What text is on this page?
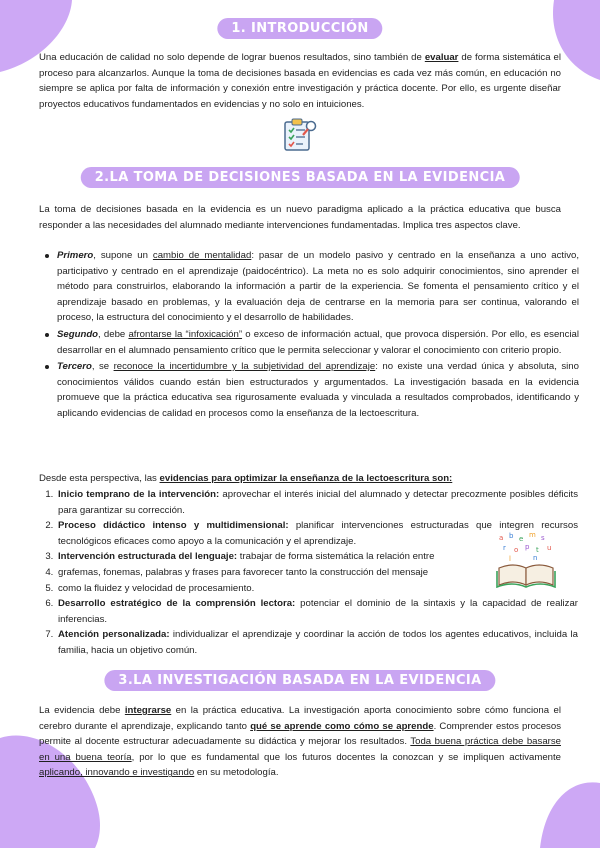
1. INTRODUCCIÓN

Una educación de calidad no solo depende de lograr buenos resultados, sino también de evaluar de forma sistemática el proceso para alcanzarlos. Aunque la toma de decisiones basada en evidencias es cada vez más común, en educación no siempre se aplica por falta de información y conexión entre investigación y práctica docente. Por ello, es urgente diseñar proyectos educativos fundamentados en evidencias y no solo en intuiciones.

2.LA TOMA DE DECISIONES BASADA EN LA EVIDENCIA

La toma de decisiones basada en la evidencia es un nuevo paradigma aplicado a la práctica educativa que busca responder a las necesidades del alumnado mediante intervenciones fundamentadas. Implica tres aspectos clave.

Primero, supone un cambio de mentalidad: pasar de un modelo pasivo y centrado en la enseñanza a uno activo, participativo y centrado en el aprendizaje (paidocéntrico). La meta no es solo adquirir conocimientos, sino aprender el método para construirlos, elaborando la información a partir de la experiencia. Se fomenta el pensamiento crítico y el aprendizaje basado en problemas, y la evaluación deja de centrarse en la memoria para ser continua, valorando el proceso, la estructura del conocimiento y el desarrollo de habilidades.
Segundo, debe afrontarse la “infoxicación” o exceso de información actual, que provoca dispersión. Por ello, es esencial desarrollar en el alumnado pensamiento crítico que le permita seleccionar y valorar el conocimiento con criterio propio.
Tercero, se reconoce la incertidumbre y la subjetividad del aprendizaje: no existe una verdad única y absoluta, sino conocimientos válidos cuando están bien estructurados y argumentados. La investigación basada en la evidencia promueve que la práctica educativa sea rigurosamente evaluada y vinculada a resultados comprobados, identificando y aplicando evidencias de calidad en procesos como la enseñanza de la lectoescritura.

Desde esta perspectiva, las evidencias para optimizar la enseñanza de la lectoescritura son:

1. Inicio temprano de la intervención: aprovechar el interés inicial del alumnado y detectar precozmente posibles déficits para garantizar su corrección.
2. Proceso didáctico intenso y multidimensional: planificar intervenciones estructuradas que integren recursos tecnológicos eficaces como apoyo a la comunicación y el aprendizaje.
3. Intervención estructurada del lenguaje: trabajar de forma sistemática la relación entre
4. grafemas, fonemas, palabras y frases para favorecer tanto la construcción del mensaje
5. como la fluidez y velocidad de procesamiento.
6. Desarrollo estratégico de la comprensión lectora: potenciar el dominio de la sintaxis y la capacidad de realizar inferencias.
7. Atención personalizada: individualizar el aprendizaje y coordinar la acción de todos los agentes educativos, incluida la familia, hacia un objetivo común.
a b e m s
r o p t u
l	n
3.LA INVESTIGACIÓN BASADA EN LA EVIDENCIA

La evidencia debe integrarse en la práctica educativa. La investigación aporta conocimiento sobre cómo funciona el cerebro durante el aprendizaje, explicando tanto qué se aprende como cómo se aprende. Comprender estos procesos permite al docente estructurar adecuadamente su didáctica y mejorar los resultados. Toda buena práctica debe basarse en una buena teoría, por lo que es fundamental que los futuros docentes la conozcan y se impliquen activamente aplicando, innovando e investigando en su metodología.
